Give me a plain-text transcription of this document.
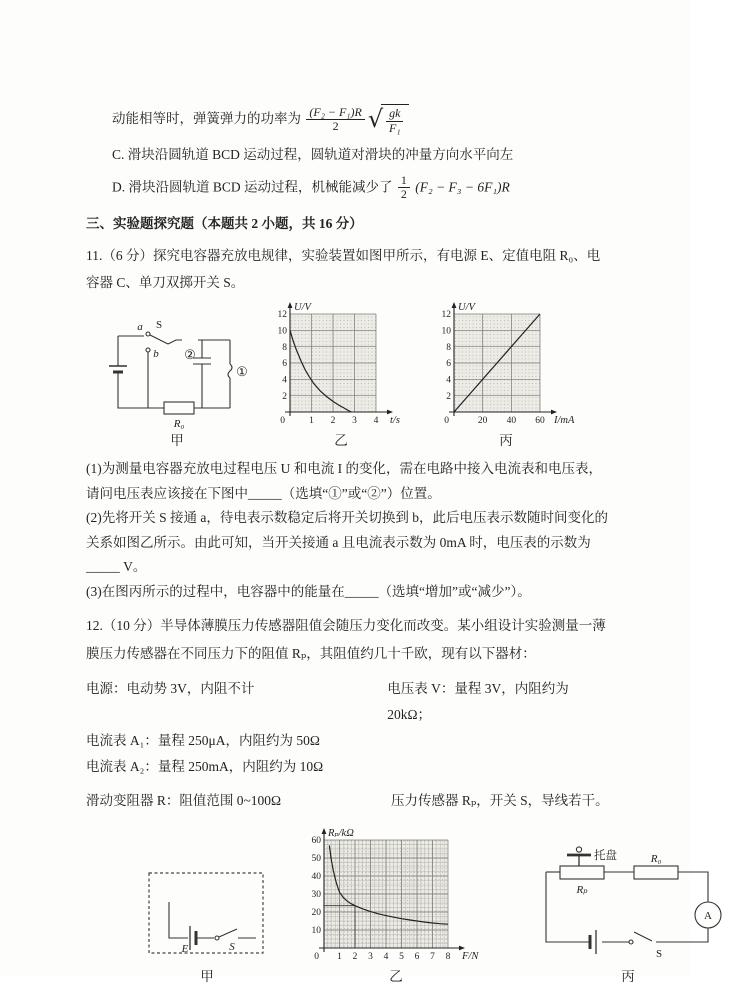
动能相等时，弹簧弹力的功率为 $\frac{\text{(F₂ − F₁)R}}{2}$ √ $\frac{gk}{\text{F₁}}$

C. 滑块沿圆轨道 BCD 运动过程，圆轨道对滑块的冲量方向水平向左

D. 滑块沿圆轨道 BCD 运动过程，机械能减少了 $\frac{1}{2} (F_2 - F_3 - 6F_1)R$

三、实验题探究题（本题共 2 小题，共 16 分）

11.（6 分）探究电容器充放电规律，实验装置如图甲所示，有电源 E、定值电阻 R₀、电容器 C、单刀双掷开关 S。

a S
b ②
①
R₀
甲
0	1 2 3 4
2
4
6
8
10
12
U/V
t/s
乙
0	20 40 60
2
4
6
8
10
12
U/V
I/mA
丙

(1)为测量电容器充放电过程电压 U 和电流 I 的变化，需在电路中接入电流表和电压表，请问电压表应该接在下图中_____（选填“①”或“②”）位置。

(2)先将开关 S 接通 a，待电表示数稳定后将开关切换到 b，此后电压表示数随时间变化的关系如图乙所示。由此可知，当开关接通 a 且电流表示数为 0mA 时，电压表的示数为_____ V。

(3)在图丙所示的过程中，电容器中的能量在_____（选填“增加”或“减少”）。

12.（10 分）半导体薄膜压力传感器阻值会随压力变化而改变。某小组设计实验测量一薄膜压力传感器在不同压力下的阻值 Rₚ，其阻值约几十千欧，现有以下器材：

电源：电动势 3V，内阻不计	电压表 V：量程 3V，内阻约为 20kΩ；
电流表 A₁：量程 250μA，内阻约为 50Ω
电流表 A₂：量程 250mA，内阻约为 10Ω
滑动变阻器 R：阻值范围 0~100Ω	压力传感器 Rₚ，开关 S，导线若干。
E	S
甲
0 1 2 3 4 5 6 7 8
10
20
30
40
50
60
Rₚ/kΩ
F/N
乙
托盘
Rₚ
R₀
A
S
丙
